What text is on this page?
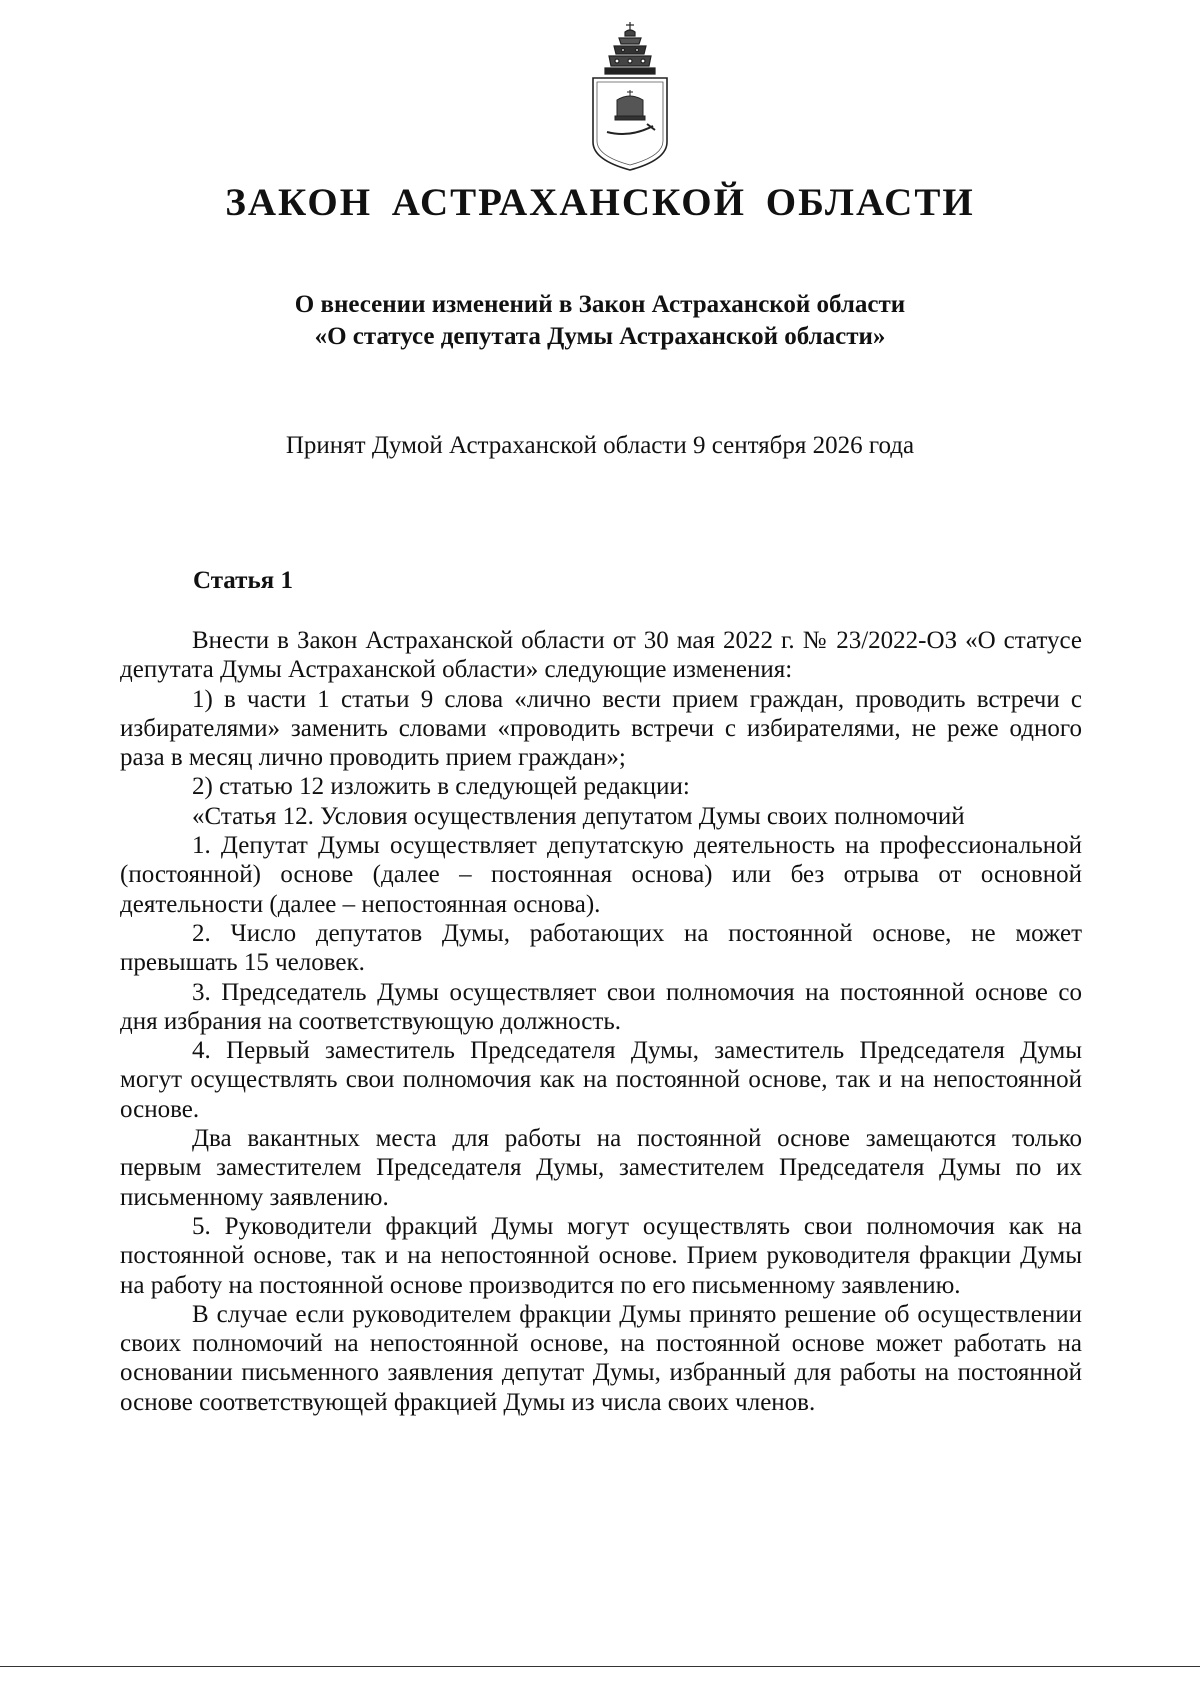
ЗАКОН АСТРАХАНСКОЙ ОБЛАСТИ
О внесении изменений в Закон Астраханской области
«О статусе депутата Думы Астраханской области»

Принят Думой Астраханской области 9 сентября 2026 года

Статья 1

Внести в Закон Астраханской области от 30 мая 2022 г. № 23/2022-ОЗ «О статусе депутата Думы Астраханской области» следующие изменения:

1) в части 1 статьи 9 слова «лично вести прием граждан, проводить встречи с избирателями» заменить словами «проводить встречи с избирателями, не реже одного раза в месяц лично проводить прием граждан»;

2) статью 12 изложить в следующей редакции:

«Статья 12. Условия осуществления депутатом Думы своих полномочий

1. Депутат Думы осуществляет депутатскую деятельность на профессиональной (постоянной) основе (далее – постоянная основа) или без отрыва от основной деятельности (далее – непостоянная основа).

2. Число депутатов Думы, работающих на постоянной основе, не может превышать 15 человек.

3. Председатель Думы осуществляет свои полномочия на постоянной основе со дня избрания на соответствующую должность.

4. Первый заместитель Председателя Думы, заместитель Председателя Думы могут осуществлять свои полномочия как на постоянной основе, так и на непостоянной основе.

Два вакантных места для работы на постоянной основе замещаются только первым заместителем Председателя Думы, заместителем Председателя Думы по их письменному заявлению.

5. Руководители фракций Думы могут осуществлять свои полномочия как на постоянной основе, так и на непостоянной основе. Прием руководителя фракции Думы на работу на постоянной основе производится по его письменному заявлению.

В случае если руководителем фракции Думы принято решение об осуществлении своих полномочий на непостоянной основе, на постоянной основе может работать на основании письменного заявления депутат Думы, избранный для работы на постоянной основе соответствующей фракцией Думы из числа своих членов.
